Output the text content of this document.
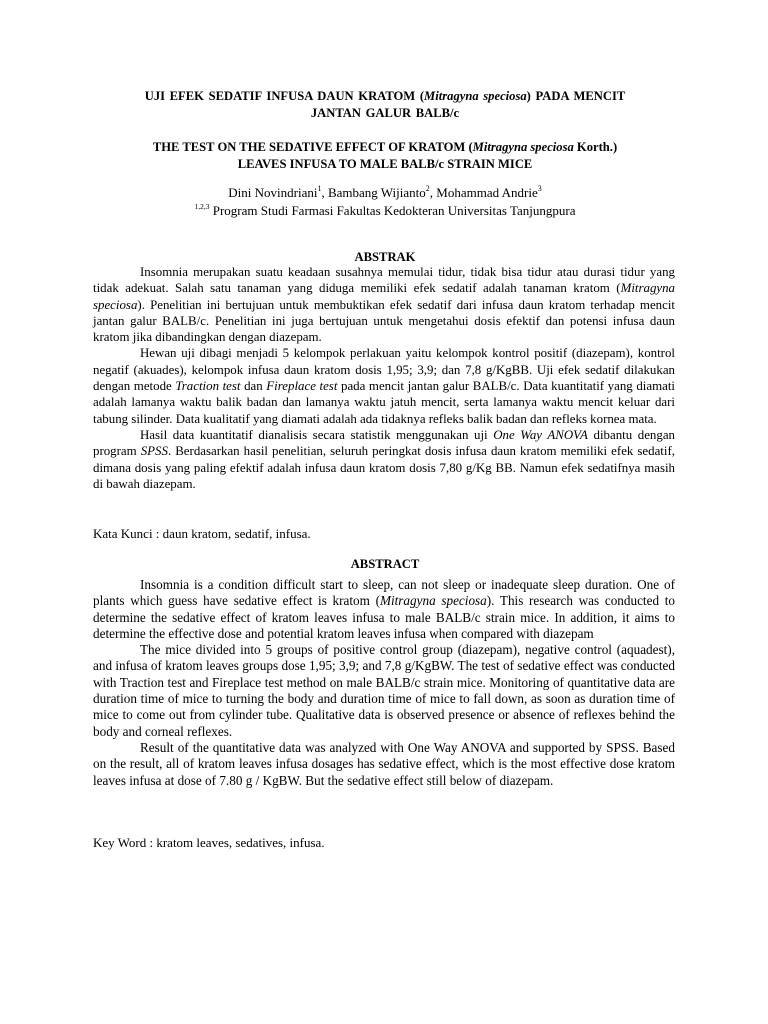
UJI EFEK SEDATIF INFUSA DAUN KRATOM (Mitragyna speciosa) PADA MENCIT
JANTAN GALUR BALB/c
THE TEST ON THE SEDATIVE EFFECT OF KRATOM (Mitragyna speciosa Korth.)
LEAVES INFUSA TO MALE BALB/c STRAIN MICE
Dini Novindriani$^1$, Bambang Wijianto$^2$, Mohammad Andrie$^3$
$^{1,2,3}$ Program Studi Farmasi Fakultas Kedokteran Universitas Tanjungpura
ABSTRAK

Insomnia merupakan suatu keadaan susahnya memulai tidur, tidak bisa tidur atau durasi tidur yang tidak adekuat. Salah satu tanaman yang diduga memiliki efek sedatif adalah tanaman kratom (Mitragyna speciosa). Penelitian ini bertujuan untuk membuktikan efek sedatif dari infusa daun kratom terhadap mencit jantan galur BALB/c. Penelitian ini juga bertujuan untuk mengetahui dosis efektif dan potensi infusa daun kratom jika dibandingkan dengan diazepam.

Hewan uji dibagi menjadi 5 kelompok perlakuan yaitu kelompok kontrol positif (diazepam), kontrol negatif (akuades), kelompok infusa daun kratom dosis 1,95; 3,9; dan 7,8 g/KgBB. Uji efek sedatif dilakukan dengan metode Traction test dan Fireplace test pada mencit jantan galur BALB/c. Data kuantitatif yang diamati adalah lamanya waktu balik badan dan lamanya waktu jatuh mencit, serta lamanya waktu mencit keluar dari tabung silinder. Data kualitatif yang diamati adalah ada tidaknya refleks balik badan dan refleks kornea mata.

Hasil data kuantitatif dianalisis secara statistik menggunakan uji One Way ANOVA dibantu dengan program SPSS. Berdasarkan hasil penelitian, seluruh peringkat dosis infusa daun kratom memiliki efek sedatif, dimana dosis yang paling efektif adalah infusa daun kratom dosis 7,80 g/Kg BB. Namun efek sedatifnya masih di bawah diazepam.

Kata Kunci : daun kratom, sedatif, infusa.
ABSTRACT

Insomnia is a condition difficult start to sleep, can not sleep or inadequate sleep duration. One of plants which guess have sedative effect is kratom (Mitragyna speciosa). This research was conducted to determine the sedative effect of kratom leaves infusa to male BALB/c strain mice. In addition, it aims to determine the effective dose and potential kratom leaves infusa when compared with diazepam

The mice divided into 5 groups of positive control group (diazepam), negative control (aquadest), and infusa of kratom leaves groups dose 1,95; 3,9; and 7,8 g/KgBW. The test of sedative effect was conducted with Traction test and Fireplace test method on male BALB/c strain mice. Monitoring of quantitative data are duration time of mice to turning the body and duration time of mice to fall down, as soon as duration time of mice to come out from cylinder tube. Qualitative data is observed presence or absence of reflexes behind the body and corneal reflexes.

Result of the quantitative data was analyzed with One Way ANOVA and supported by SPSS. Based on the result, all of kratom leaves infusa dosages has sedative effect, which is the most effective dose kratom leaves infusa at dose of 7.80 g / KgBW. But the sedative effect still below of diazepam.

Key Word : kratom leaves, sedatives, infusa.
